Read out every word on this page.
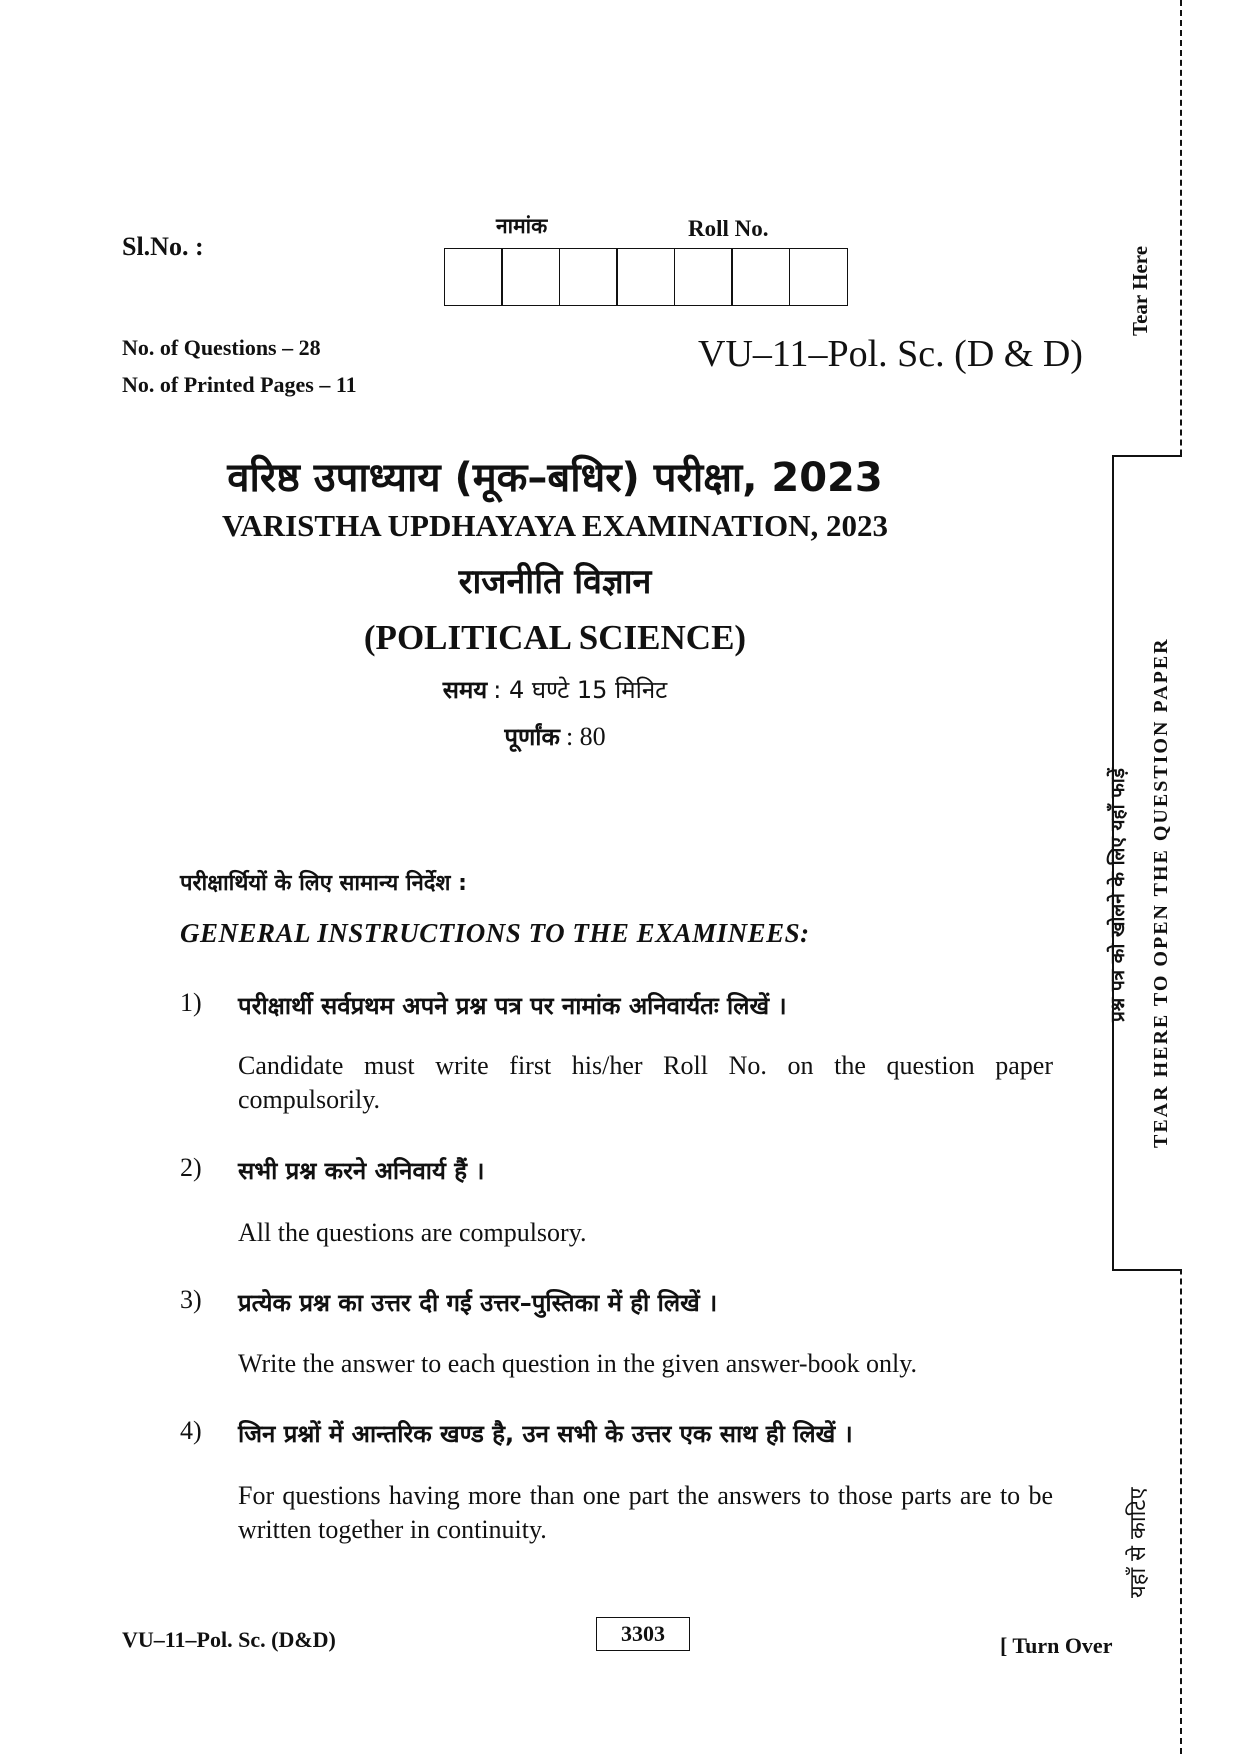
Tear Here
प्रश्न पत्र को खोलने के लिए यहाँ फाड़ें TEAR HERE TO OPEN THE QUESTION PAPER
यहाँ से काटिए
Sl.No. :
नामांक	Roll No.
No. of Questions – 28
No. of Printed Pages – 11
VU–11–Pol. Sc. (D & D)
वरिष्ठ उपाध्याय (मूक–बधिर) परीक्षा, 2023
VARISTHA UPDHAYAYA EXAMINATION, 2023
राजनीति विज्ञान
(POLITICAL SCIENCE)
समय : 4 घण्टे 15 मिनिट
पूर्णांक : 80
परीक्षार्थियों के लिए सामान्य निर्देश :
GENERAL INSTRUCTIONS TO THE EXAMINEES:
1) परीक्षार्थी सर्वप्रथम अपने प्रश्न पत्र पर नामांक अनिवार्यतः लिखें ।
Candidate must write first his/her Roll No. on the question paper compulsorily.
2) सभी प्रश्न करने अनिवार्य हैं ।
All the questions are compulsory.
3) प्रत्येक प्रश्न का उत्तर दी गई उत्तर–पुस्तिका में ही लिखें ।
Write the answer to each question in the given answer-book only.
4) जिन प्रश्नों में आन्तरिक खण्ड है, उन सभी के उत्तर एक साथ ही लिखें ।
For questions having more than one part the answers to those parts are to be written together in continuity.
VU–11–Pol. Sc. (D&D)	3303	[ Turn Over
